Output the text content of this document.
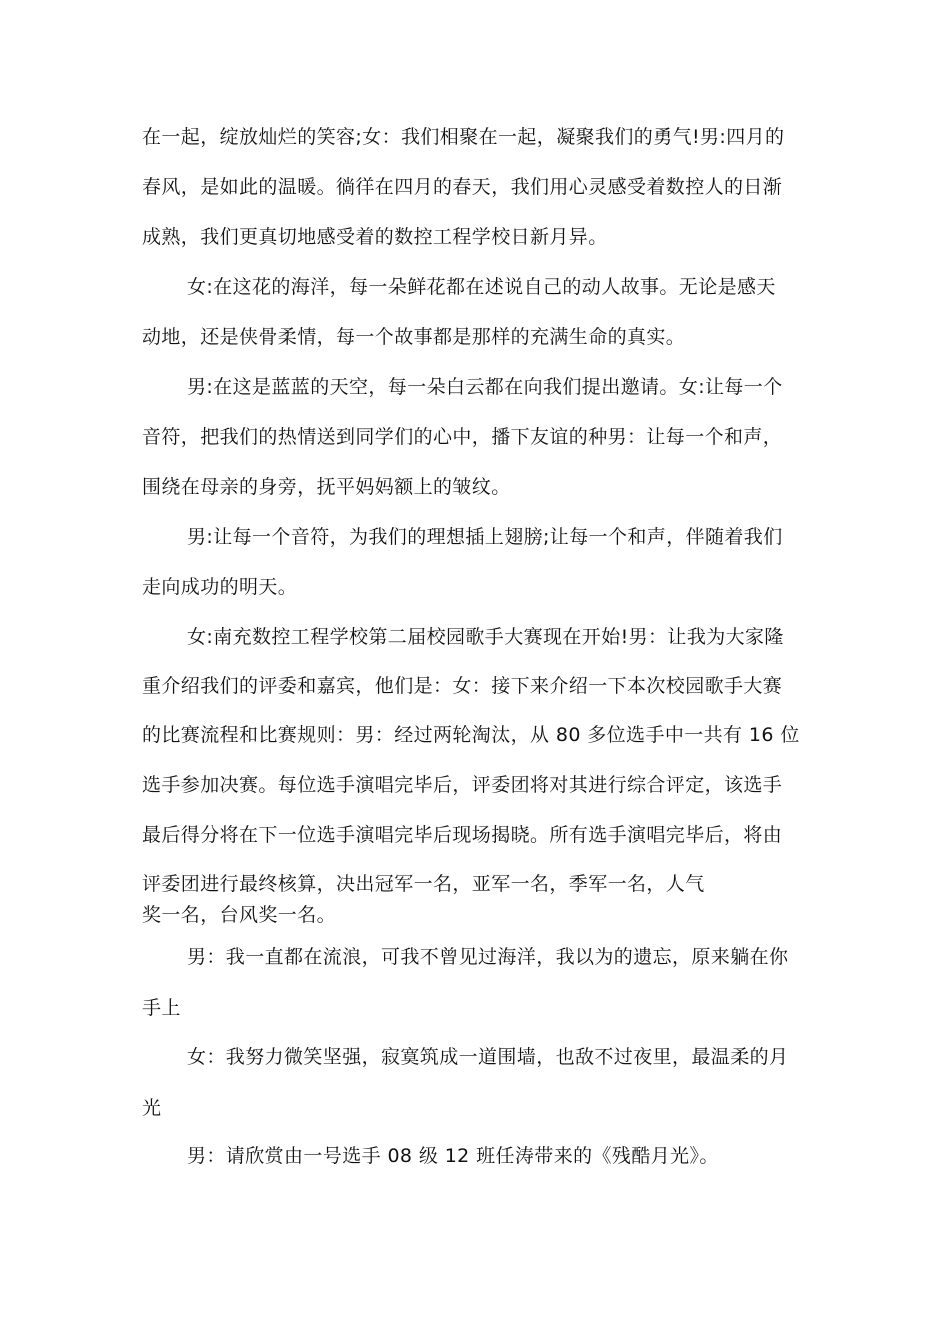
在一起，绽放灿烂的笑容;女：我们相聚在一起，凝聚我们的勇气!男:四月的
春风，是如此的温暖。徜徉在四月的春天，我们用心灵感受着数控人的日渐
成熟，我们更真切地感受着的数控工程学校日新月异。
女:在这花的海洋，每一朵鲜花都在述说自己的动人故事。无论是感天
动地，还是侠骨柔情，每一个故事都是那样的充满生命的真实。
男:在这是蓝蓝的天空，每一朵白云都在向我们提出邀请。女:让每一个
音符，把我们的热情送到同学们的心中，播下友谊的种男：让每一个和声，
围绕在母亲的身旁，抚平妈妈额上的皱纹。
男:让每一个音符，为我们的理想插上翅膀;让每一个和声，伴随着我们
走向成功的明天。
女:南充数控工程学校第二届校园歌手大赛现在开始!男：让我为大家隆
重介绍我们的评委和嘉宾，他们是：女：接下来介绍一下本次校园歌手大赛
的比赛流程和比赛规则：男：经过两轮淘汰，从 80 多位选手中一共有 16 位
选手参加决赛。每位选手演唱完毕后，评委团将对其进行综合评定，该选手
最后得分将在下一位选手演唱完毕后现场揭晓。所有选手演唱完毕后，将由
评委团进行最终核算，决出冠军一名，亚军一名，季军一名，人气
奖一名，台风奖一名。
男：我一直都在流浪，可我不曾见过海洋，我以为的遗忘，原来躺在你
手上
女：我努力微笑坚强，寂寞筑成一道围墙，也敌不过夜里，最温柔的月
光
男：请欣赏由一号选手 08 级 12 班任涛带来的《残酷月光》。
